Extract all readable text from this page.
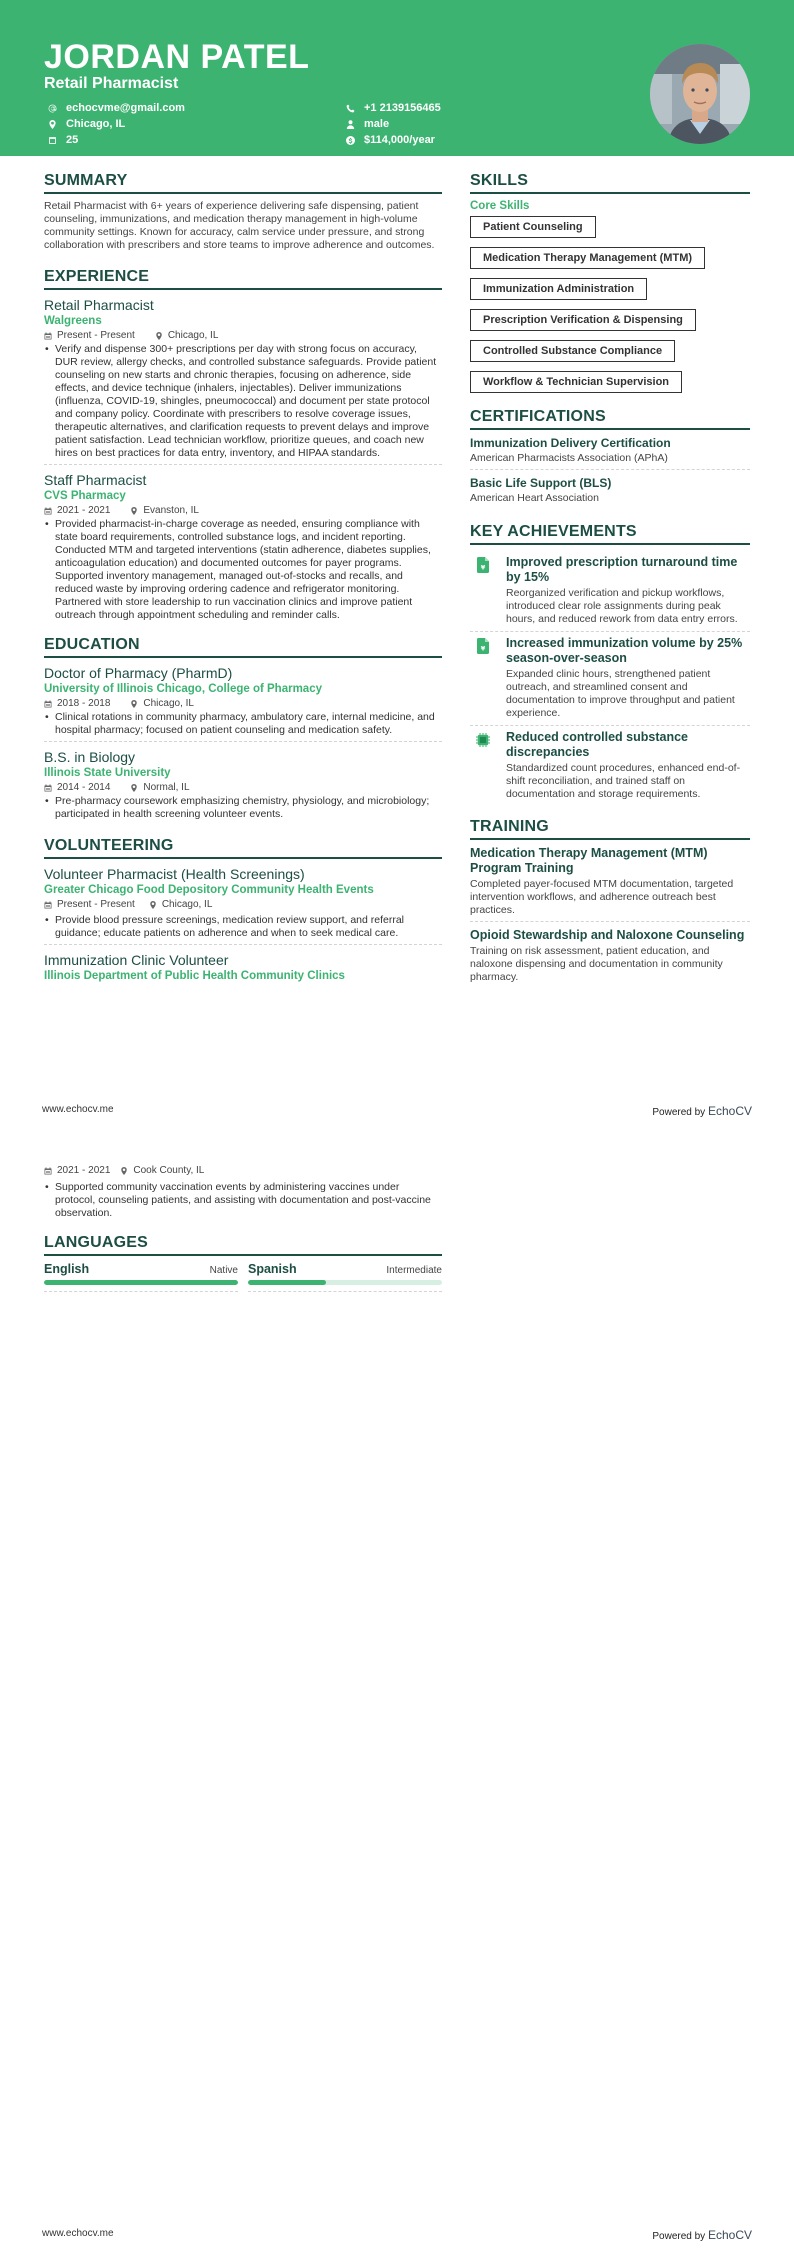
JORDAN PATEL
Retail Pharmacist
echocvme@gmail.com
Chicago, IL
25
+1 2139156465
male
$114,000/year
SUMMARY

Retail Pharmacist with 6+ years of experience delivering safe dispensing, patient counseling, immunizations, and medication therapy management in high-volume community settings. Known for accuracy, calm service under pressure, and strong collaboration with prescribers and store teams to improve adherence and outcomes.

EXPERIENCE
Retail Pharmacist
Walgreens
Present - Present	Chicago, IL
• Verify and dispense 300+ prescriptions per day with strong focus on accuracy, DUR review, allergy checks, and controlled substance safeguards. Provide patient counseling on new starts and chronic therapies, focusing on adherence, side effects, and device technique (inhalers, injectables). Deliver immunizations (influenza, COVID-19, shingles, pneumococcal) and document per state protocol and company policy. Coordinate with prescribers to resolve coverage issues, therapeutic alternatives, and clarification requests to prevent delays and improve patient satisfaction. Lead technician workflow, prioritize queues, and coach new hires on best practices for data entry, inventory, and HIPAA standards.
Staff Pharmacist
CVS Pharmacy
2021 - 2021	Evanston, IL
• Provided pharmacist-in-charge coverage as needed, ensuring compliance with state board requirements, controlled substance logs, and incident reporting. Conducted MTM and targeted interventions (statin adherence, diabetes supplies, anticoagulation education) and documented outcomes for payer programs. Supported inventory management, managed out-of-stocks and recalls, and reduced waste by improving ordering cadence and refrigerator monitoring. Partnered with store leadership to run vaccination clinics and improve patient outreach through appointment scheduling and reminder calls.
EDUCATION
Doctor of Pharmacy (PharmD)
University of Illinois Chicago, College of Pharmacy
2018 - 2018	Chicago, IL
• Clinical rotations in community pharmacy, ambulatory care, internal medicine, and hospital pharmacy; focused on patient counseling and medication safety.
B.S. in Biology
Illinois State University
2014 - 2014	Normal, IL
• Pre-pharmacy coursework emphasizing chemistry, physiology, and microbiology; participated in health screening volunteer events.
VOLUNTEERING
Volunteer Pharmacist (Health Screenings)
Greater Chicago Food Depository Community Health Events
Present - Present	Chicago, IL
• Provide blood pressure screenings, medication review support, and referral guidance; educate patients on adherence and when to seek medical care.
Immunization Clinic Volunteer
Illinois Department of Public Health Community Clinics
SKILLS
Core Skills
Patient Counseling
Medication Therapy Management (MTM)
Immunization Administration
Prescription Verification & Dispensing
Controlled Substance Compliance
Workflow & Technician Supervision
CERTIFICATIONS
Immunization Delivery Certification
American Pharmacists Association (APhA)
Basic Life Support (BLS)
American Heart Association
KEY ACHIEVEMENTS
¥ Improved prescription turnaround time by 15%
Reorganized verification and pickup workflows, introduced clear role assignments during peak hours, and reduced rework from data entry errors.
¥ Increased immunization volume by 25% season-over-season
Expanded clinic hours, strengthened patient outreach, and streamlined consent and documentation to improve throughput and patient experience.
Reduced controlled substance discrepancies
Standardized count procedures, enhanced end-of-shift reconciliation, and trained staff on documentation and storage requirements.
TRAINING
Medication Therapy Management (MTM) Program Training
Completed payer-focused MTM documentation, targeted intervention workflows, and adherence outreach best practices.
Opioid Stewardship and Naloxone Counseling
Training on risk assessment, patient education, and naloxone dispensing and documentation in community pharmacy.
www.echocv.me	Powered by EchoCV
2021 - 2021 Cook County, IL
• Supported community vaccination events by administering vaccines under protocol, counseling patients, and assisting with documentation and post-vaccine observation.
LANGUAGES
English	Native Spanish	Intermediate
www.echocv.me	Powered by EchoCV
